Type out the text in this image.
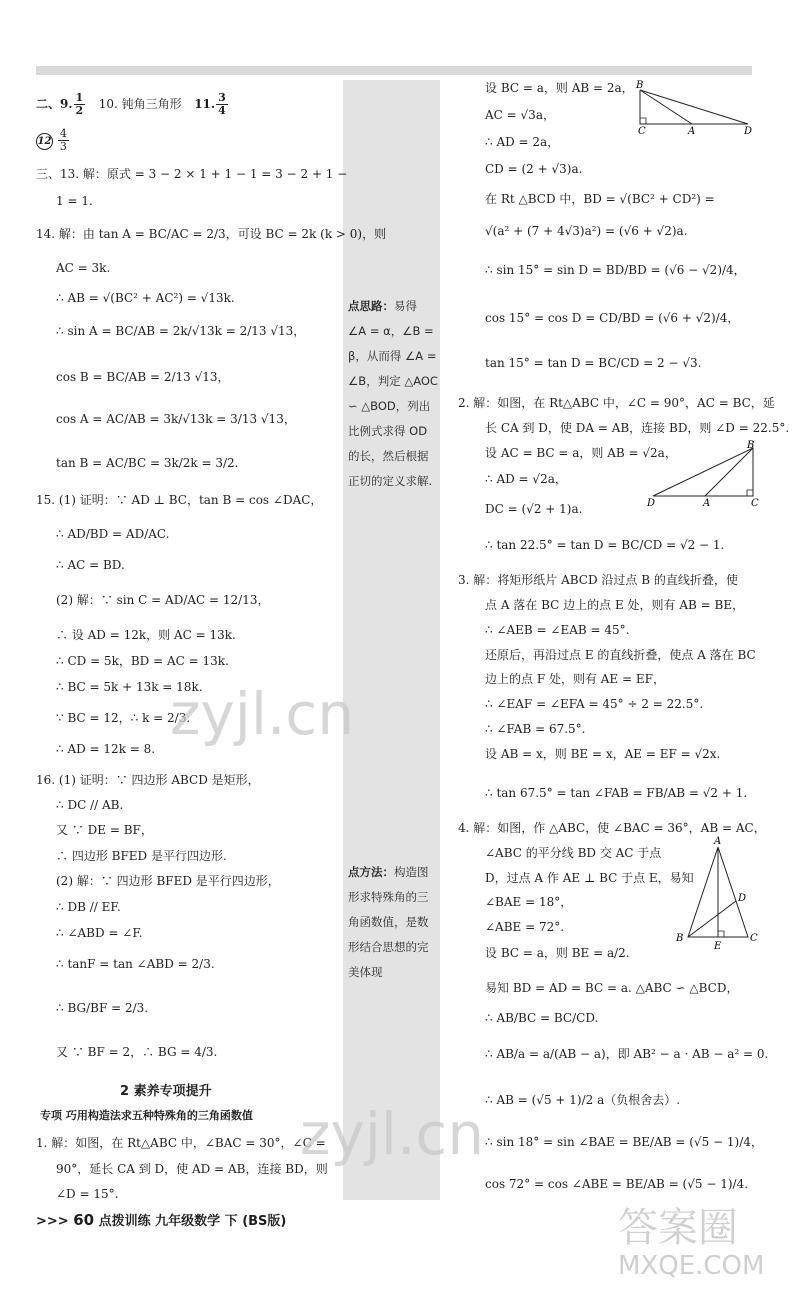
二、9. $\frac{1}{2} 10$. 钝角三角形 11. $\frac{3}{4}$
$12 \frac{4}{3}$
三、13. 解：原式 = 3 − 2 × 1 + 1 − 1 = 3 − 2 + 1 −
1 = 1.
14. 解：由 tan A = BC/AC = 2/3，可设 BC = 2k (k > 0)，则
AC = 3k.
∴ AB = √(BC² + AC²) = √13k.
∴ sin A = BC/AB = 2k/√13k = 2/13 √13，
cos B = BC/AB = 2/13 √13，
cos A = AC/AB = 3k/√13k = 3/13 √13，
tan B = AC/BC = 3k/2k = 3/2.
15. (1) 证明：∵ AD ⊥ BC，tan B = cos ∠DAC，
∴ AD/BD = AD/AC.
∴ AC = BD.
(2) 解：∵ sin C = AD/AC = 12/13，
∴ 设 AD = 12k，则 AC = 13k.
∴ CD = 5k，BD = AC = 13k.
∴ BC = 5k + 13k = 18k.
∵ BC = 12，∴ k = 2/3.
∴ AD = 12k = 8.
16. (1) 证明：∵ 四边形 ABCD 是矩形，
∴ DC // AB.
又 ∵ DE = BF，
∴ 四边形 BFED 是平行四边形.
(2) 解：∵ 四边形 BFED 是平行四边形，
∴ DB // EF.
∴ ∠ABD = ∠F.
∴ tanF = tan ∠ABD = 2/3.
∴ BG/BF = 2/3.
又 ∵ BF = 2，∴ BG = 4/3.
2 素养专项提升
专项 巧用构造法求五种特殊角的三角函数值
1. 解：如图，在 Rt△ABC 中，∠BAC = 30°，∠C =
90°，延长 CA 到 D，使 AD = AB，连接 BD，则
∠D = 15°.
点思路：易得 ∠A = α，∠B = β，从而得 ∠A = ∠B，判定 △AOC ∽ △BOD，列出比例式求得 OD 的长，然后根据正切的定义求解.
点方法：构造图形求特殊角的三角函数值，是数形结合思想的完美体现
设 BC = a，则 AB = 2a，
AC = √3a，
∴ AD = 2a，
CD = (2 + √3)a.
在 Rt △BCD 中，BD = √(BC² + CD²) =
√(a² + (7 + 4√3)a²) = (√6 + √2)a.
∴ sin 15° = sin D = BD/BD = (√6 − √2)/4，
cos 15° = cos D = CD/BD = (√6 + √2)/4，
tan 15° = tan D = BC/CD = 2 − √3.
2. 解：如图，在 Rt△ABC 中，∠C = 90°，AC = BC，延
长 CA 到 D，使 DA = AB，连接 BD，则 ∠D = 22.5°.
设 AC = BC = a，则 AB = √2a，
∴ AD = √2a，
DC = (√2 + 1)a.
∴ tan 22.5° = tan D = BC/CD = √2 − 1.
3. 解：将矩形纸片 ABCD 沿过点 B 的直线折叠，使
点 A 落在 BC 边上的点 E 处，则有 AB = BE，
∴ ∠AEB = ∠EAB = 45°.
还原后，再沿过点 E 的直线折叠，使点 A 落在 BC
边上的点 F 处，则有 AE = EF，
∴ ∠EAF = ∠EFA = 45° ÷ 2 = 22.5°.
∴ ∠FAB = 67.5°.
设 AB = x，则 BE = x，AE = EF = √2x.
∴ tan 67.5° = tan ∠FAB = FB/AB = √2 + 1.
4. 解：如图，作 △ABC，使 ∠BAC = 36°，AB = AC，
∠ABC 的平分线 BD 交 AC 于点
D，过点 A 作 AE ⊥ BC 于点 E，易知
∠BAE = 18°，
∠ABE = 72°.
设 BC = a，则 BE = a/2.
易知 BD = AD = BC = a. △ABC ∽ △BCD，
∴ AB/BC = BC/CD.
∴ AB/a = a/(AB − a)，即 AB² − a · AB − a² = 0.
∴ AB = (√5 + 1)/2 a（负根舍去）.
∴ sin 18° = sin ∠BAE = BE/AB = (√5 − 1)/4，
cos 72° = cos ∠ABE = BE/AB = (√5 − 1)/4.
B
C	A	D
B
D	A	C
A
D
B
E
C
zyjl.cn
zyjl.cn
答案圈
MXQE.COM
>>> 60 点拨训练 九年级数学 下 (BS版)
